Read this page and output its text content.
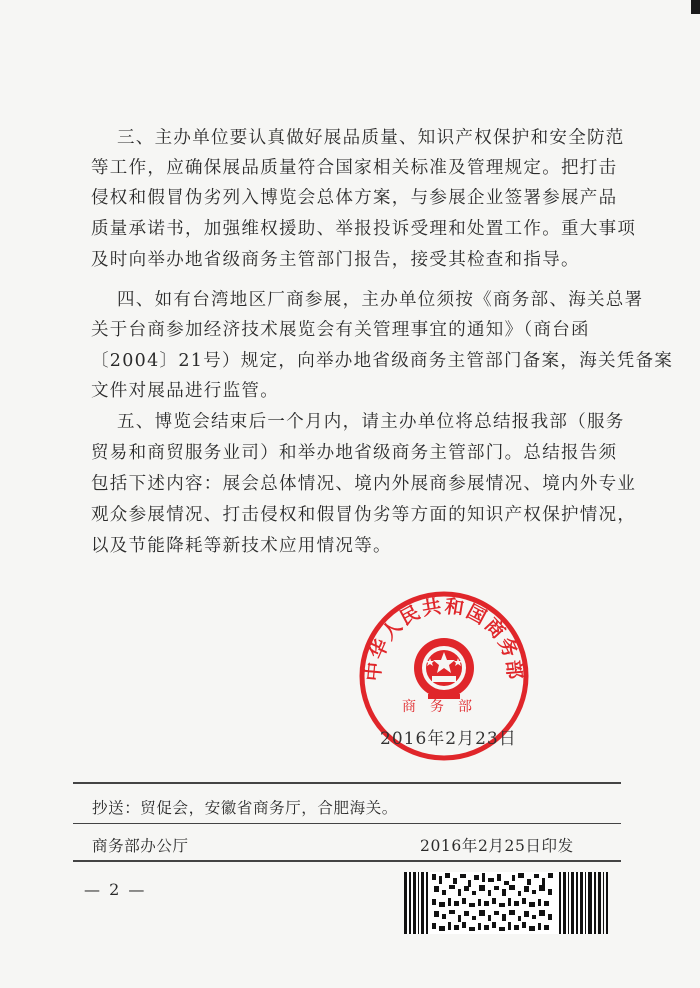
三、主办单位要认真做好展品质量、知识产权保护和安全防范
等工作，应确保展品质量符合国家相关标准及管理规定。把打击
侵权和假冒伪劣列入博览会总体方案，与参展企业签署参展产品
质量承诺书，加强维权援助、举报投诉受理和处置工作。重大事项
及时向举办地省级商务主管部门报告，接受其检查和指导。
四、如有台湾地区厂商参展，主办单位须按《商务部、海关总署
关于台商参加经济技术展览会有关管理事宜的通知》（商台函
〔2004〕21号）规定，向举办地省级商务主管部门备案，海关凭备案
文件对展品进行监管。
五、博览会结束后一个月内，请主办单位将总结报我部（服务
贸易和商贸服务业司）和举办地省级商务主管部门。总结报告须
包括下述内容：展会总体情况、境内外展商参展情况、境内外专业
观众参展情况、打击侵权和假冒伪劣等方面的知识产权保护情况，
以及节能降耗等新技术应用情况等。
中华人民共和国商务部
商务部
2016年2月23日
抄送：贸促会，安徽省商务厅，合肥海关。
商务部办公厅	2016年2月25日印发
— 2 —
